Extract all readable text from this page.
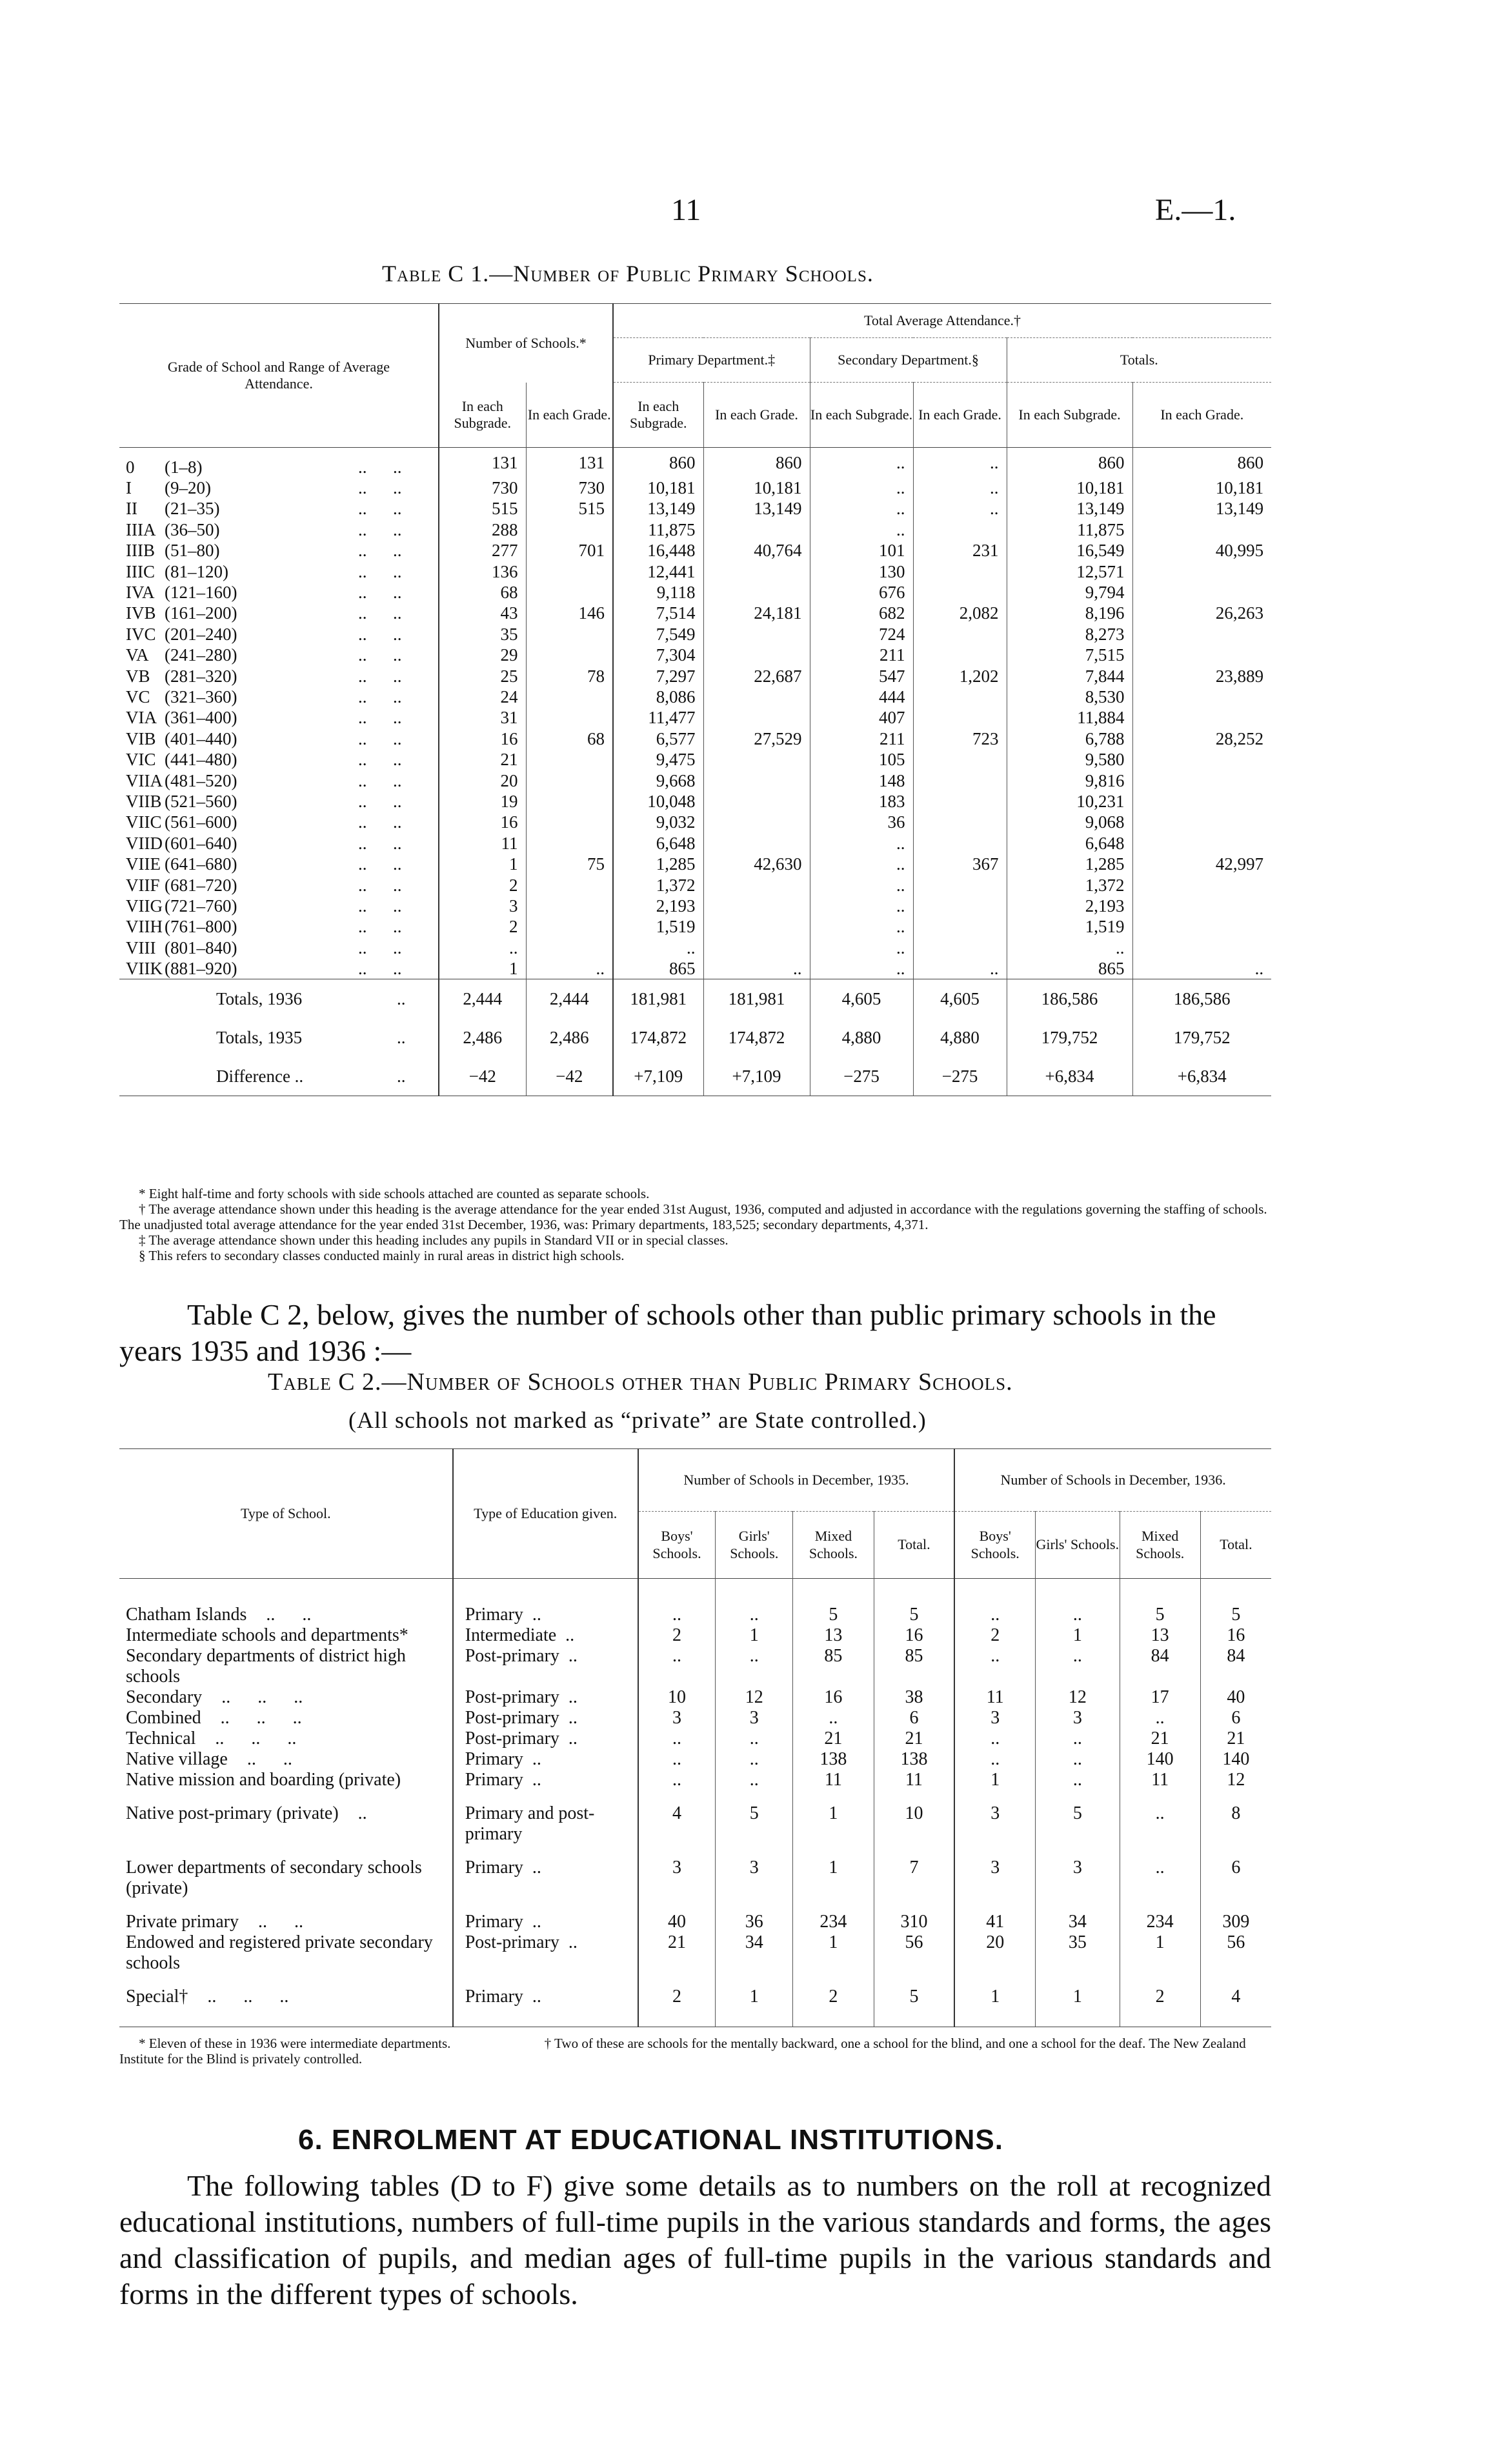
11	E.—1.
Table C 1.—Number of Public Primary Schools.
Grade of School and Range of Average Attendance.	Number of Schools.*		Total Average Attendance.†					
			Primary Department.‡		Secondary Department.§		Totals.	
	In each Subgrade.	In each Grade.	In each Subgrade.	In each Grade.	In each Subgrade.	In each Grade.	In each Subgrade.	In each Grade.
0 (1–8) ..      ..	131	131	860	860	..	..	860	860
I (9–20) ..      ..	730	730	10,181	10,181	..	..	10,181	10,181
II (21–35) ..      ..	515	515	13,149	13,149	..	..	13,149	13,149
IIIA (36–50) ..      ..	288		11,875		..		11,875	
IIIB (51–80) ..      ..	277	701	16,448	40,764	101	231	16,549	40,995
IIIC (81–120) ..      ..	136		12,441		130		12,571	
IVA (121–160) ..      ..	68		9,118		676		9,794	
IVB (161–200) ..      ..	43	146	7,514	24,181	682	2,082	8,196	26,263
IVC (201–240) ..      ..	35		7,549		724		8,273	
VA (241–280) ..      ..	29		7,304		211		7,515	
VB (281–320) ..      ..	25	78	7,297	22,687	547	1,202	7,844	23,889
VC (321–360) ..      ..	24		8,086		444		8,530	
VIA (361–400) ..      ..	31		11,477		407		11,884	
VIB (401–440) ..      ..	16	68	6,577	27,529	211	723	6,788	28,252
VIC (441–480) ..      ..	21		9,475		105		9,580	
VIIA (481–520) ..      ..	20		9,668		148		9,816	
VIIB (521–560) ..      ..	19		10,048		183		10,231	
VIIC (561–600) ..      ..	16		9,032		36		9,068	
VIID (601–640) ..      ..	11		6,648		..		6,648	
VIIE (641–680) ..      ..	1	75	1,285	42,630	..	367	1,285	42,997
VIIF (681–720) ..      ..	2		1,372		..		1,372	
VIIG (721–760) ..      ..	3		2,193		..		2,193	
VIIH (761–800) ..      ..	2		1,519		..		1,519	
VIII (801–840) ..      ..	..		..		..		..	
VIIK (881–920) ..      ..	1	..	865	..	..	..	865	..
Totals, 1936 ..	2,444	2,444	181,981	181,981	4,605	4,605	186,586	186,586
Totals, 1935 ..	2,486	2,486	174,872	174,872	4,880	4,880	179,752	179,752
Difference .. ..	−42	−42	+7,109	+7,109	−275	−275	+6,834	+6,834
* Eight half-time and forty schools with side schools attached are counted as separate schools.
† The average attendance shown under this heading is the average attendance for the year ended 31st August, 1936, computed and adjusted in accordance with the regulations governing the staffing of schools. The unadjusted total average attendance for the year ended 31st December, 1936, was: Primary departments, 183,525; secondary departments, 4,371.
‡ The average attendance shown under this heading includes any pupils in Standard VII or in special classes.
§ This refers to secondary classes conducted mainly in rural areas in district high schools.
Table C 2, below, gives the number of schools other than public primary schools in the years 1935 and 1936 :—
Table C 2.—Number of Schools other than Public Primary Schools.
(All schools not marked as “private” are State controlled.)
Type of School.	Type of Education given.	Number of Schools in December, 1935.				Number of Schools in December, 1936.			
		Boys' Schools.	Girls' Schools.	Mixed Schools.	Total.	Boys' Schools.	Girls' Schools.	Mixed Schools.	Total.
Chatham Islands ..      ..	Primary ..	..	..	5	5	..	..	5	5
Intermediate schools and departments*	Intermediate ..	2	1	13	16	2	1	13	16
Secondary departments of district high schools	Post-primary ..	..	..	85	85	..	..	84	84
Secondary ..      ..      ..	Post-primary ..	10	12	16	38	11	12	17	40
Combined ..      ..      ..	Post-primary ..	3	3	..	6	3	3	..	6
Technical ..      ..      ..	Post-primary ..	..	..	21	21	..	..	21	21
Native village ..      ..	Primary ..	..	..	138	138	..	..	140	140
Native mission and boarding (private)	Primary ..	..	..	11	11	1	..	11	12
Native post-primary (private) ..	Primary and post-primary	4	5	1	10	3	5	..	8
Lower departments of secondary schools (private)	Primary ..	3	3	1	7	3	3	..	6
Private primary ..      ..	Primary ..	40	36	234	310	41	34	234	309
Endowed and registered private secondary schools	Post-primary ..	21	34	1	56	20	35	1	56
Special† ..      ..      ..	Primary ..	2	1	2	5	1	1	2	4
* Eleven of these in 1936 were intermediate departments.	† Two of these are schools for the mentally backward, one a school for the blind, and one a school for the deaf. The New Zealand Institute for the Blind is privately controlled.
6. ENROLMENT AT EDUCATIONAL INSTITUTIONS.
The following tables (D to F) give some details as to numbers on the roll at recognized educational institutions, numbers of full-time pupils in the various standards and forms, the ages and classification of pupils, and median ages of full-time pupils in the various standards and forms in the different types of schools.
